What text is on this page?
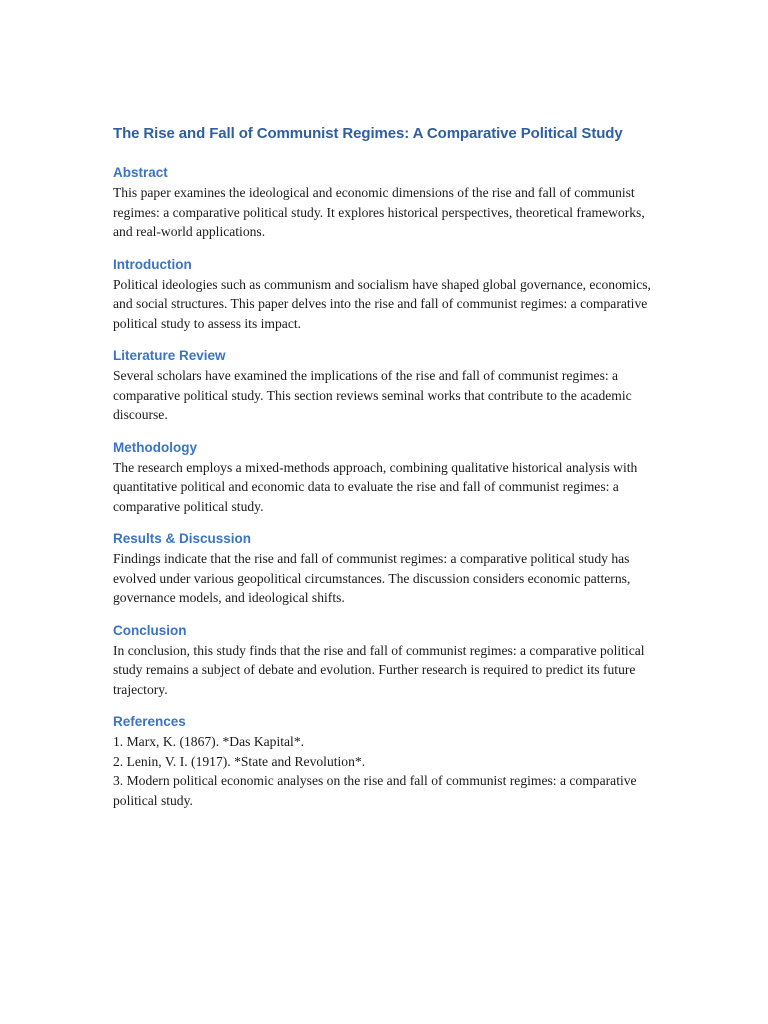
The Rise and Fall of Communist Regimes: A Comparative Political Study
Abstract

This paper examines the ideological and economic dimensions of the rise and fall of communist regimes: a comparative political study. It explores historical perspectives, theoretical frameworks, and real-world applications.

Introduction

Political ideologies such as communism and socialism have shaped global governance, economics, and social structures. This paper delves into the rise and fall of communist regimes: a comparative political study to assess its impact.

Literature Review

Several scholars have examined the implications of the rise and fall of communist regimes: a comparative political study. This section reviews seminal works that contribute to the academic discourse.

Methodology

The research employs a mixed-methods approach, combining qualitative historical analysis with quantitative political and economic data to evaluate the rise and fall of communist regimes: a comparative political study.

Results & Discussion

Findings indicate that the rise and fall of communist regimes: a comparative political study has evolved under various geopolitical circumstances. The discussion considers economic patterns, governance models, and ideological shifts.

Conclusion

In conclusion, this study finds that the rise and fall of communist regimes: a comparative political study remains a subject of debate and evolution. Further research is required to predict its future trajectory.

References
1. Marx, K. (1867). *Das Kapital*.
2. Lenin, V. I. (1917). *State and Revolution*.
3. Modern political economic analyses on the rise and fall of communist regimes: a comparative political study.
